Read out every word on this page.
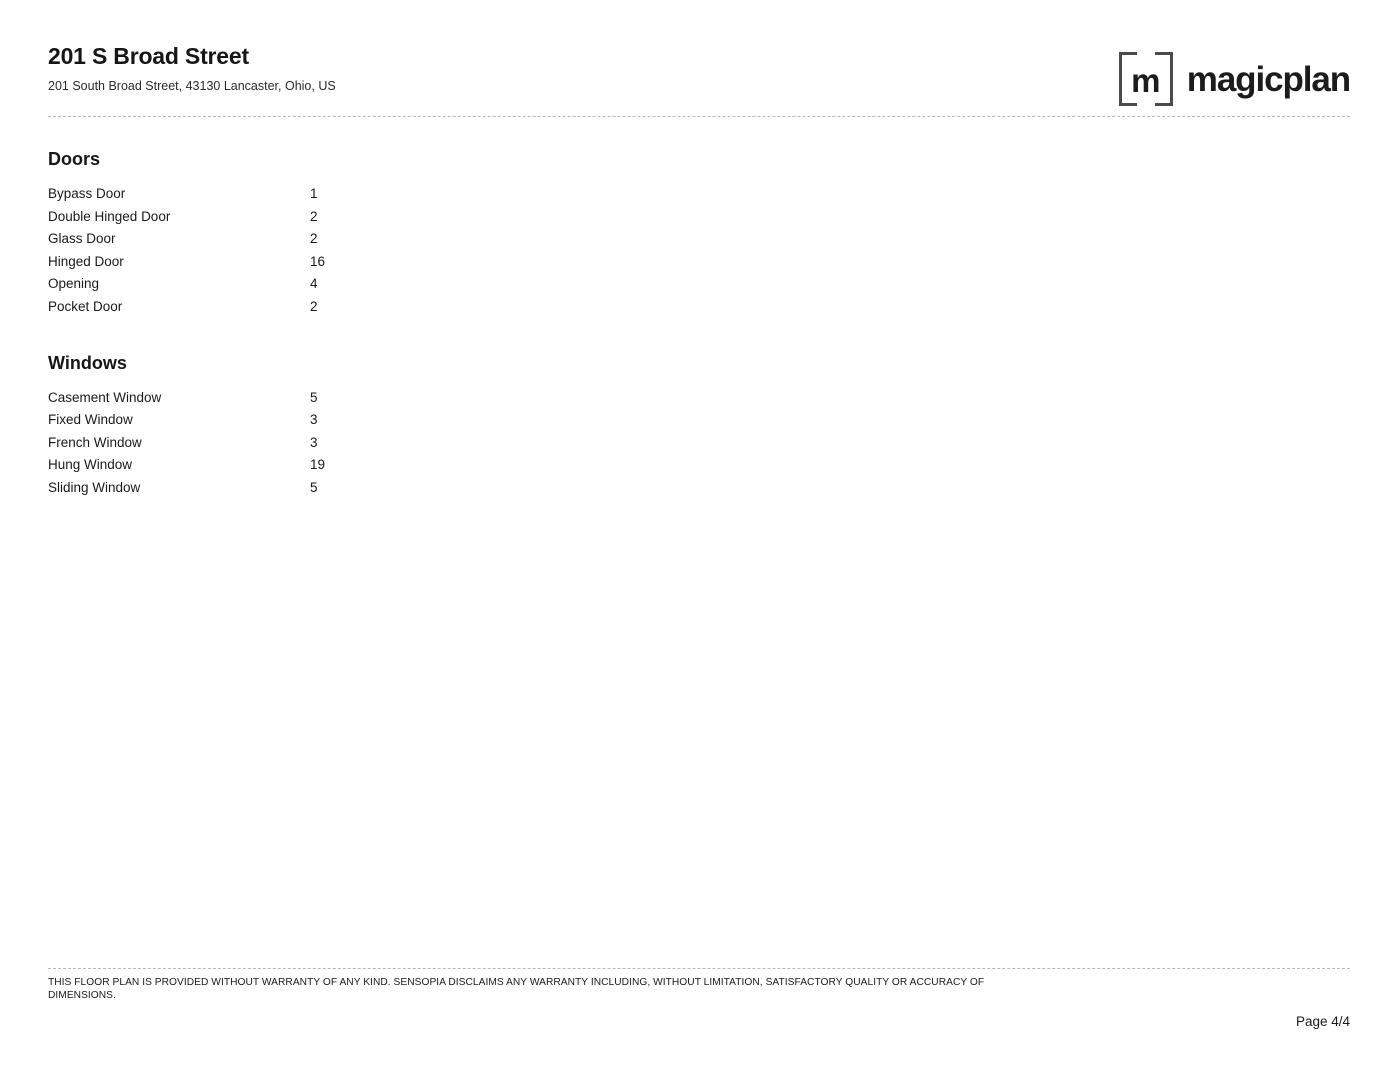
201 S Broad Street

201 South Broad Street, 43130 Lancaster, Ohio, US	m magicplan
Doors
Bypass Door	1
Double Hinged Door	2
Glass Door	2
Hinged Door	16
Opening	4
Pocket Door	2
Windows
Casement Window	5
Fixed Window	3
French Window	3
Hung Window	19
Sliding Window	5
THIS FLOOR PLAN IS PROVIDED WITHOUT WARRANTY OF ANY KIND. SENSOPIA DISCLAIMS ANY WARRANTY INCLUDING, WITHOUT LIMITATION, SATISFACTORY QUALITY OR ACCURACY OF DIMENSIONS.
Page 4/4
